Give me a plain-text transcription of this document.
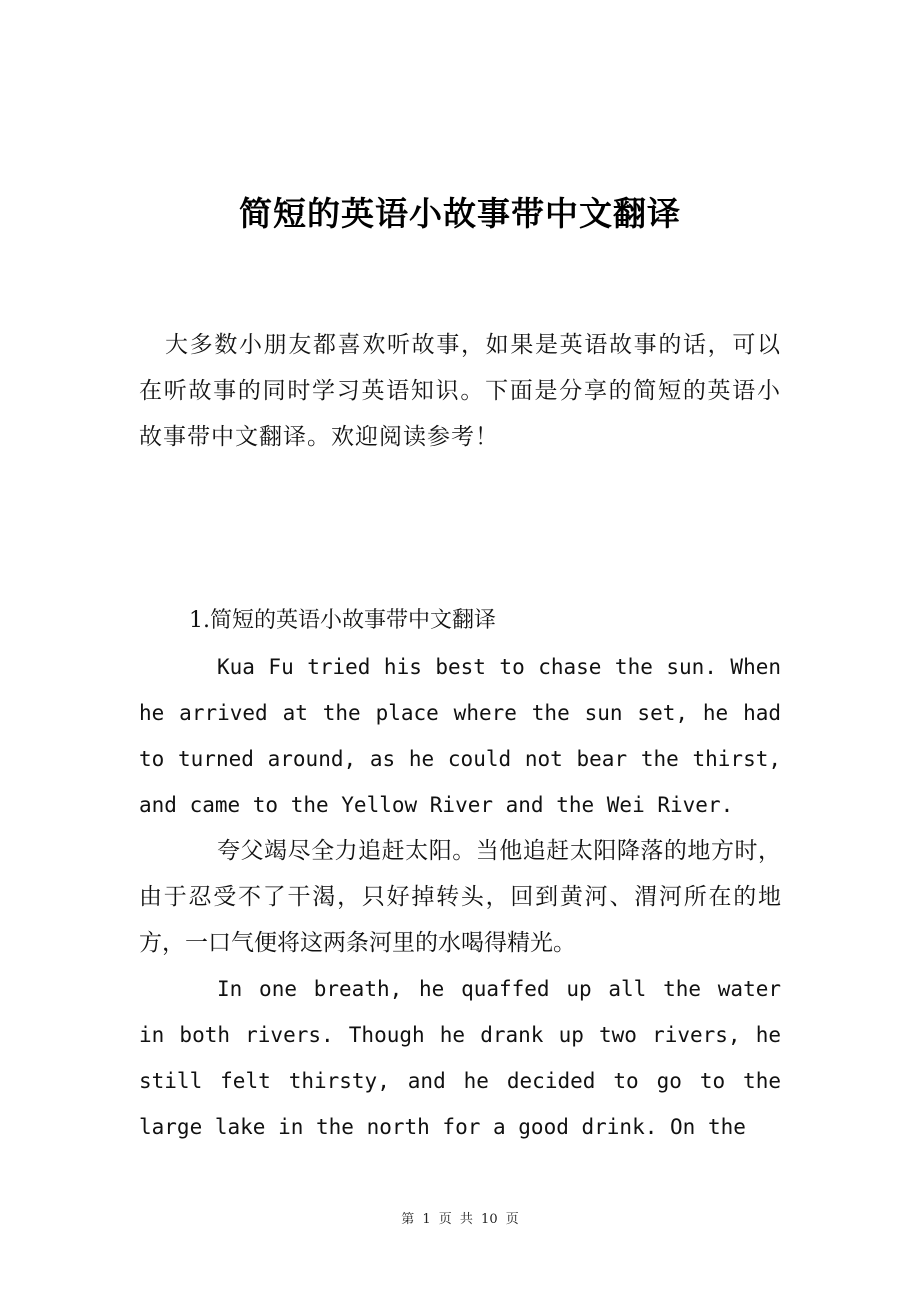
简短的英语小故事带中文翻译

大多数小朋友都喜欢听故事，如果是英语故事的话，可以在听故事的同时学习英语知识。下面是分享的简短的英语小故事带中文翻译。欢迎阅读参考！

1.简短的英语小故事带中文翻译

Kua Fu tried his best to chase the sun. When he arrived at the place where the sun set, he had to turned around, as he could not bear the thirst, and came to the Yellow River and the Wei River.

夸父竭尽全力追赶太阳。当他追赶太阳降落的地方时，由于忍受不了干渴，只好掉转头，回到黄河、渭河所在的地方，一口气便将这两条河里的水喝得精光。

In one breath, he quaffed up all the water in both rivers. Though he drank up two rivers, he still felt thirsty, and he decided to go to the large lake in the north for a good drink. On the

第 1 页 共 10 页
